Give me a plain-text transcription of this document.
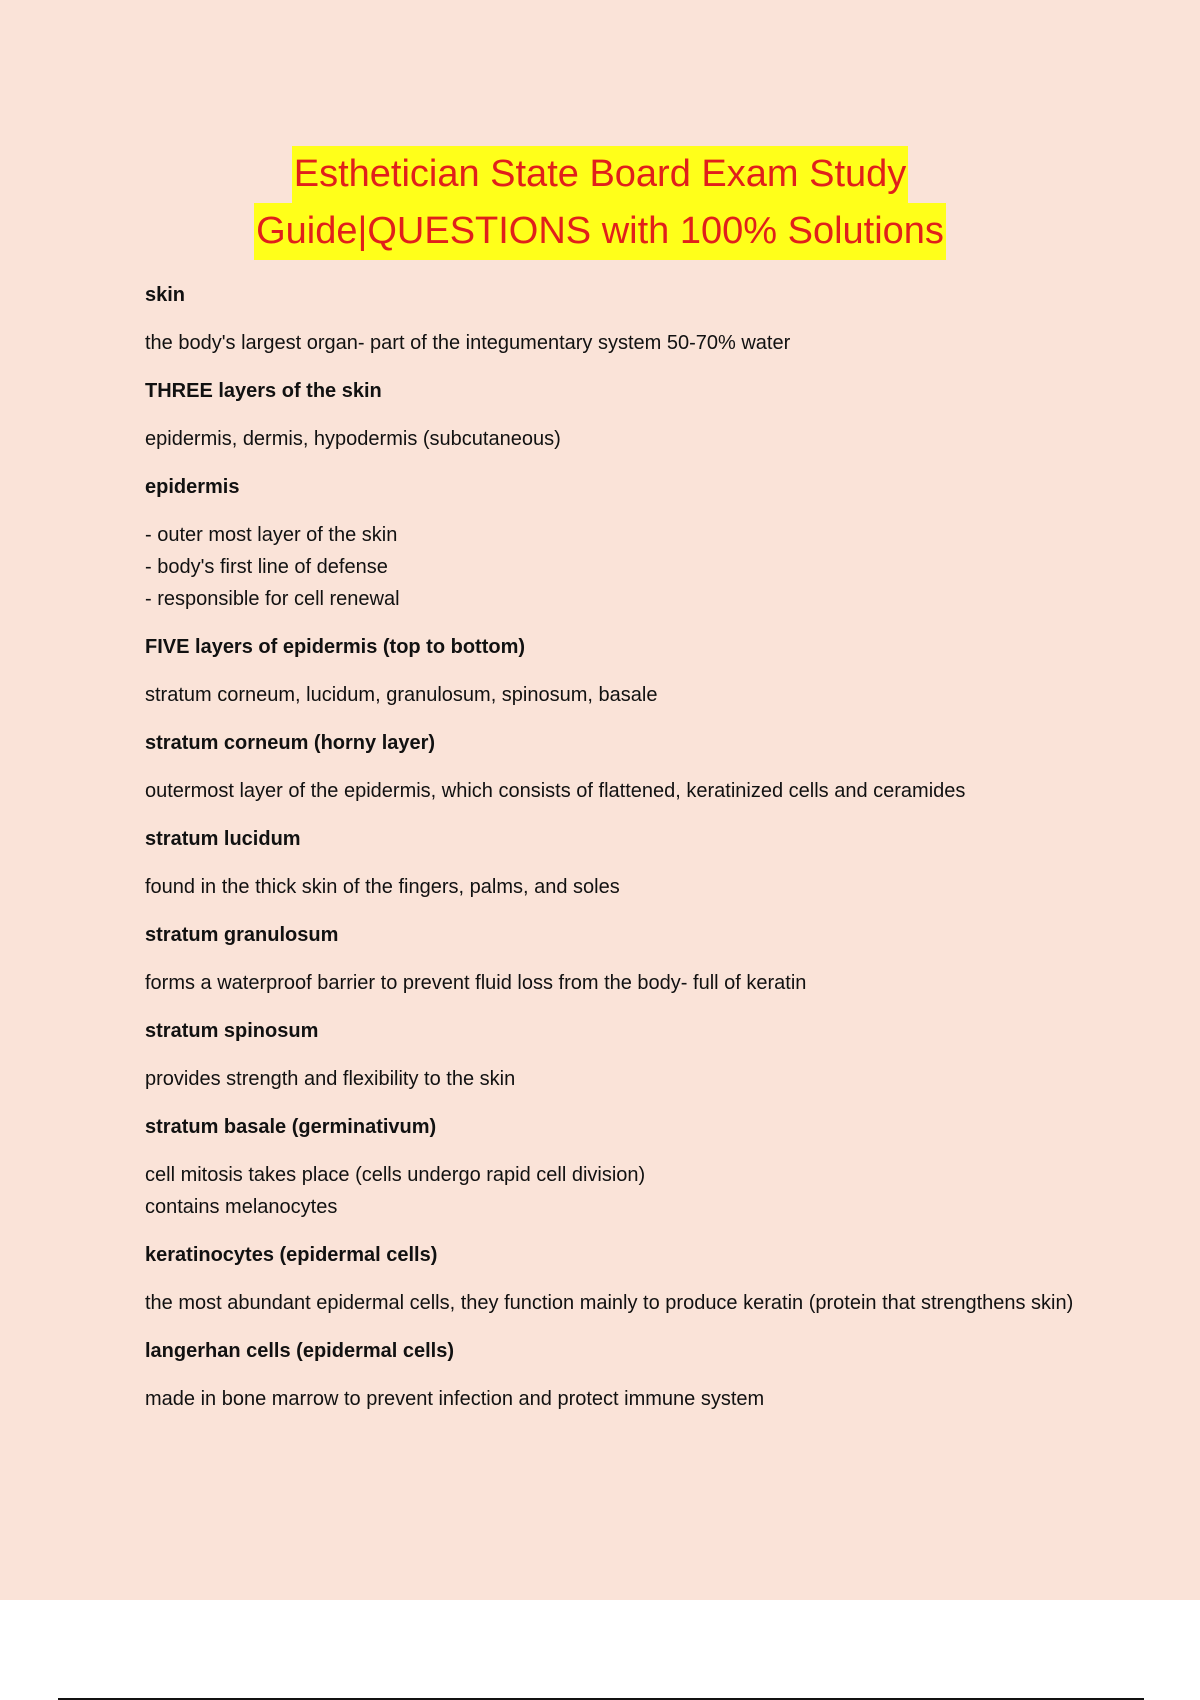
Esthetician State Board Exam Study
Guide|QUESTIONS with 100% Solutions
skin
the body's largest organ- part of the integumentary system 50-70% water
THREE layers of the skin
epidermis, dermis, hypodermis (subcutaneous)
epidermis
- outer most layer of the skin
- body's first line of defense
- responsible for cell renewal
FIVE layers of epidermis (top to bottom)
stratum corneum, lucidum, granulosum, spinosum, basale
stratum corneum (horny layer)
outermost layer of the epidermis, which consists of flattened, keratinized cells and ceramides
stratum lucidum
found in the thick skin of the fingers, palms, and soles
stratum granulosum
forms a waterproof barrier to prevent fluid loss from the body- full of keratin
stratum spinosum
provides strength and flexibility to the skin
stratum basale (germinativum)
cell mitosis takes place (cells undergo rapid cell division)
contains melanocytes
keratinocytes (epidermal cells)
the most abundant epidermal cells, they function mainly to produce keratin (protein that strengthens skin)
langerhan cells (epidermal cells)
made in bone marrow to prevent infection and protect immune system
